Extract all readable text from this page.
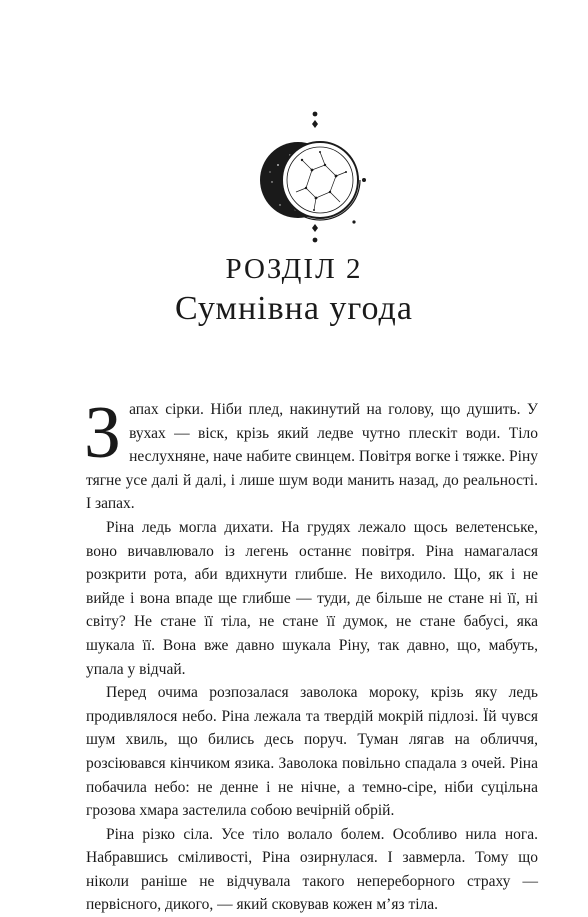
РОЗДІЛ 2
Сумнівна угода

Запах сірки. Ніби плед, накинутий на голову, що душить. У вухах — віск, крізь який ледве чутно плескіт води. Тіло неслухняне, наче набите свинцем. Повітря вогке і тяжке. Ріну тягне усе далі й далі, і лише шум води манить назад, до реальності. І запах.

Ріна ледь могла дихати. На грудях лежало щось велетенське, воно вичавлювало із легень останнє повітря. Ріна намагалася розкрити рота, аби вдихнути глибше. Не виходило. Що, як і не вийде і вона впаде ще глибше — туди, де більше не стане ні її, ні світу? Не стане її тіла, не стане її думок, не стане бабусі, яка шукала її. Вона вже давно шукала Ріну, так давно, що, мабуть, упала у відчай.

Перед очима розпозалася заволока мороку, крізь яку ледь продивлялося небо. Ріна лежала та твердій мокрій підлозі. Їй чувся шум хвиль, що бились десь поруч. Туман лягав на обличчя, розсіювався кінчиком язика. Заволока повільно спадала з очей. Ріна побачила небо: не денне і не нічне, а темно-сіре, ніби суцільна грозова хмара застелила собою вечірній обрій.

Ріна різко сіла. Усе тіло волало болем. Особливо нила нога. Набравшись сміливості, Ріна озирнулася. І завмерла. Тому що ніколи раніше не відчувала такого непереборного страху — первісного, дикого, — який сковував кожен м’яз тіла.
